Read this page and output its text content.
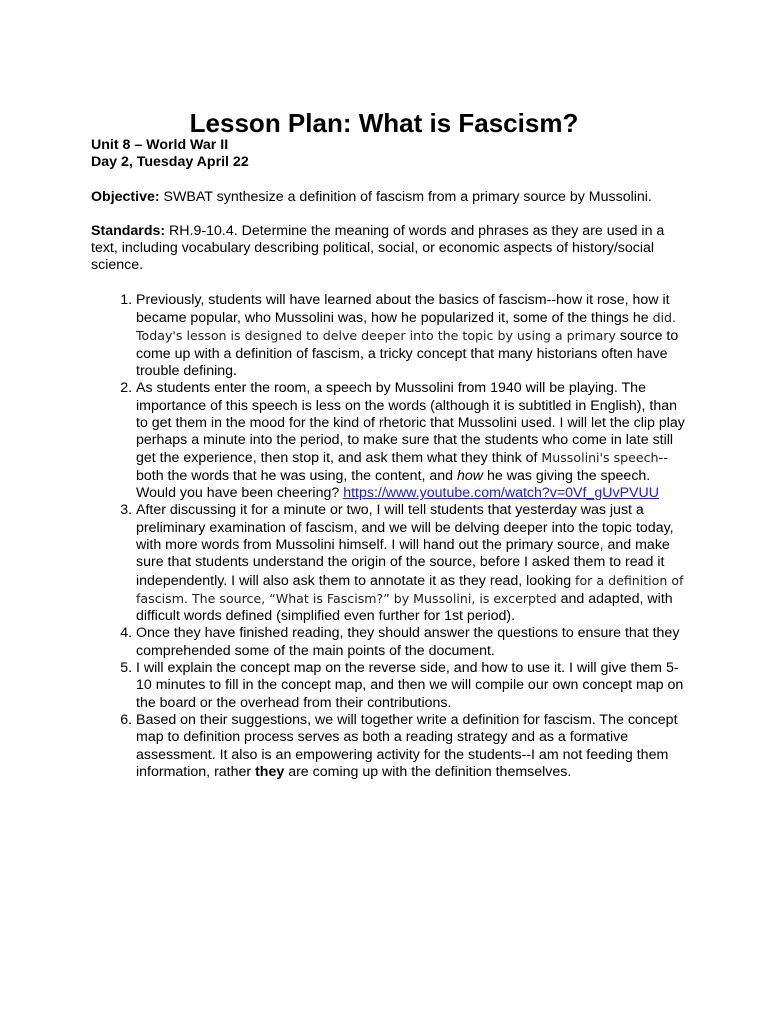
Lesson Plan: What is Fascism?

Unit 8 – World War II

Day 2, Tuesday April 22

Objective: SWBAT synthesize a definition of fascism from a primary source by Mussolini.

Standards: RH.9-10.4. Determine the meaning of words and phrases as they are used in a text, including vocabulary describing political, social, or economic aspects of history/social science.

1. Previously, students will have learned about the basics of fascism--how it rose, how it became popular, who Mussolini was, how he popularized it, some of the things he did. Today's lesson is designed to delve deeper into the topic by using a primary source to come up with a definition of fascism, a tricky concept that many historians often have trouble defining.
2. As students enter the room, a speech by Mussolini from 1940 will be playing. The importance of this speech is less on the words (although it is subtitled in English), than to get them in the mood for the kind of rhetoric that Mussolini used. I will let the clip play perhaps a minute into the period, to make sure that the students who come in late still get the experience, then stop it, and ask them what they think of Mussolini's speech--both the words that he was using, the content, and how he was giving the speech. Would you have been cheering? https://www.youtube.com/watch?v=0Vf_gUvPVUU
3. After discussing it for a minute or two, I will tell students that yesterday was just a preliminary examination of fascism, and we will be delving deeper into the topic today, with more words from Mussolini himself. I will hand out the primary source, and make sure that students understand the origin of the source, before I asked them to read it independently. I will also ask them to annotate it as they read, looking for a definition of fascism. The source, “What is Fascism?” by Mussolini, is excerpted and adapted, with difficult words defined (simplified even further for 1st period).
4. Once they have finished reading, they should answer the questions to ensure that they comprehended some of the main points of the document.
5. I will explain the concept map on the reverse side, and how to use it. I will give them 5-10 minutes to fill in the concept map, and then we will compile our own concept map on the board or the overhead from their contributions.
6. Based on their suggestions, we will together write a definition for fascism. The concept map to definition process serves as both a reading strategy and as a formative assessment. It also is an empowering activity for the students--I am not feeding them information, rather they are coming up with the definition themselves.
